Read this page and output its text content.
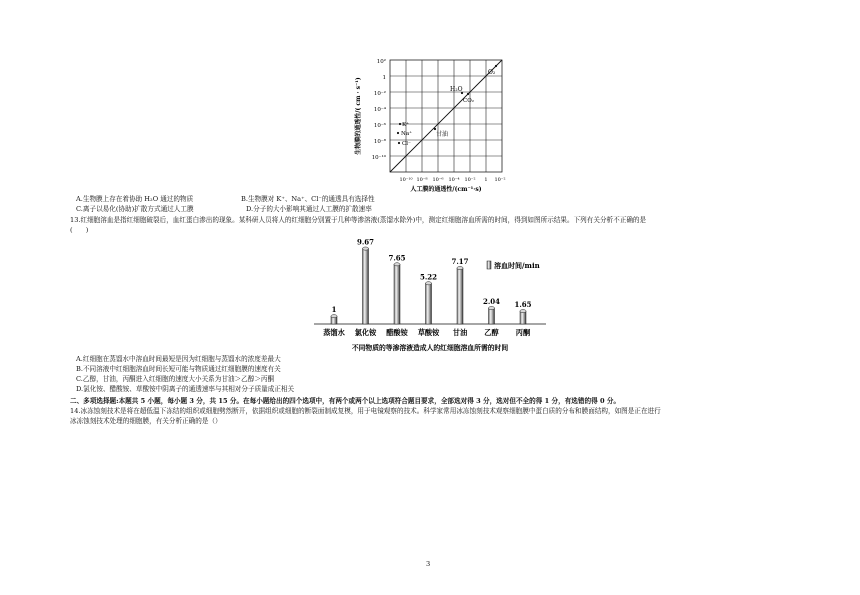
10²
1
10⁻²
10⁻⁴
10⁻⁶
10⁻⁸
10⁻¹⁰
生物膜的通透性/( cm · s⁻¹)
10⁻¹⁰ 10⁻⁸ 10⁻⁶ 10⁻⁴ 10⁻² 1 10⁻²
人工膜的通透性/(cm⁻¹·s)
O₂
H₂O
CO₂
甘油
K⁺
Na⁺
Cl⁻
A.生物膜上存在着协助 H₂O 通过的物质	B.生物膜对 K⁺、Na⁺、Cl⁻的通透具有选择性
C.离子以易化(协助)扩散方式通过人工膜	D.分子的大小影响其通过人工膜的扩散速率
13.红细胞溶血是指红细胞破裂后，血红蛋白渗出的现象。某科研人员将人的红细胞分别置于几种等渗溶液(蒸馏水除外)中，测定红细胞溶血所需的时间，得到如图所示结果。下列有关分析不正确的是
(　　)
1
蒸馏水
9.67
氯化铵
7.65
醋酸铵
5.22
草酸铵
7.17
甘油
2.04
乙醇
1.65
丙酮
溶血时间/min
不同物质的等渗溶液造成人的红细胞溶血所需的时间
A.红细胞在蒸馏水中溶血时间最短是因为红细胞与蒸馏水的浓度差最大
B.不同溶液中红细胞溶血时间长短可能与物质通过红细胞膜的速度有关
C.乙醇，甘油，丙酮进入红细胞的速度大小关系为甘油＞乙醇＞丙酮
D.氯化铵、醋酸铵、草酸铵中阴离子的通透速率与其相对分子质量成正相关
二、多项选择题:本题共 5 小题，每小题 3 分，共 15 分。在每小题给出的四个选项中，有两个或两个以上选项符合题目要求，全部选对得 3 分，选对但不全的得 1 分，有选错的得 0 分。
14.冰冻蚀刻技术是将在超低温下冻结的组织或细胞劈然断开，依据组织或细胞的断裂面制成复模，用于电镜观察的技术。科学家常用冰冻蚀刻技术观察细胞膜中蛋白质的分布和膜面结构，如图是正在进行
冰冻蚀刻技术处理的细胞膜，有关分析正确的是（）
3
